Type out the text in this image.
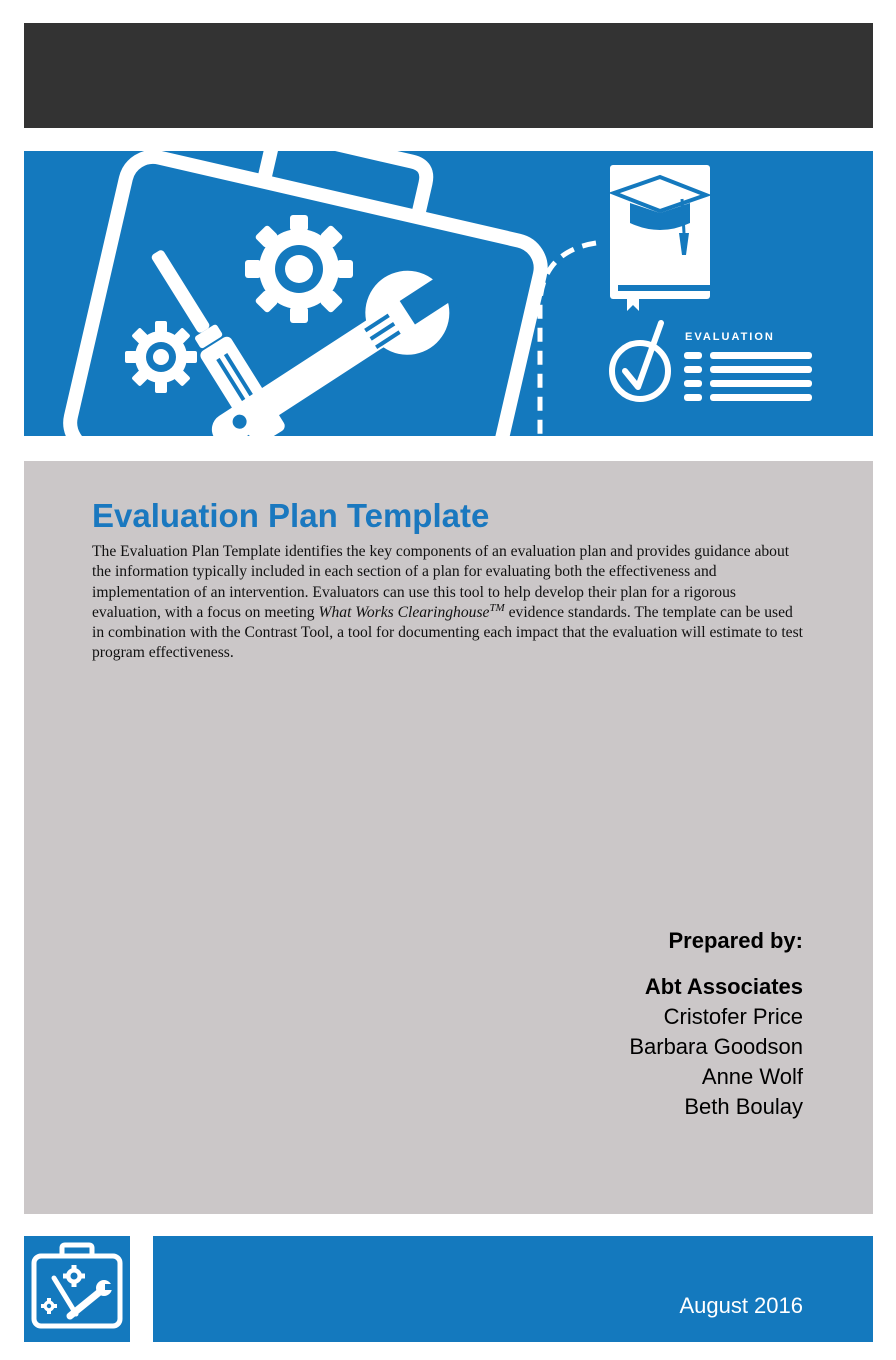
EVALUATION
Evaluation Plan Template

The Evaluation Plan Template identifies the key components of an evaluation plan and provides guidance about the information typically included in each section of a plan for evaluating both the effectiveness and implementation of an intervention. Evaluators can use this tool to help develop their plan for a rigorous evaluation, with a focus on meeting What Works Clearinghouse™ evidence standards. The template can be used in combination with the Contrast Tool, a tool for documenting each impact that the evaluation will estimate to test program effectiveness.

Prepared by:
Abt Associates
Cristofer Price
Barbara Goodson
Anne Wolf
Beth Boulay
August 2016
